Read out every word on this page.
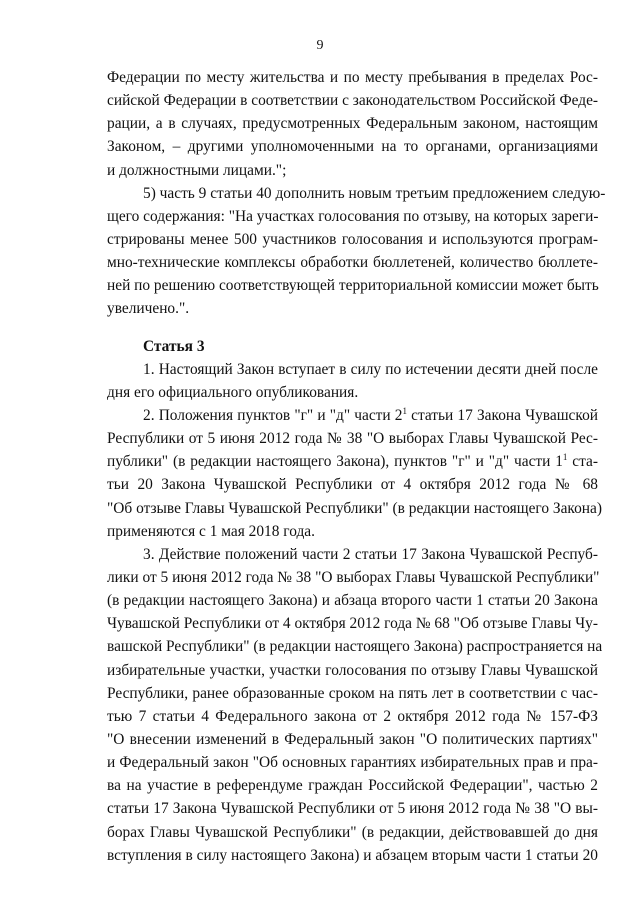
9
Федерации по месту жительства и по месту пребывания в пределах Рос-
сийской Федерации в соответствии с законодательством Российской Феде-
рации, а в случаях, предусмотренных Федеральным законом, настоящим
Законом, – другими уполномоченными на то органами, организациями
и должностными лицами.";
5) часть 9 статьи 40 дополнить новым третьим предложением следую-
щего содержания: "На участках голосования по отзыву, на которых зареги-
стрированы менее 500 участников голосования и используются програм-
мно-технические комплексы обработки бюллетеней, количество бюллете-
ней по решению соответствующей территориальной комиссии может быть
увеличено.".
Статья 3
1. Настоящий Закон вступает в силу по истечении десяти дней после
дня его официального опубликования.
2. Положения пунктов "г" и "д" части $2^1$ статьи 17 Закона Чувашской
Республики от 5 июня 2012 года № 38 "О выборах Главы Чувашской Рес-
публики" (в редакции настоящего Закона), пунктов "г" и "д" части $1^1$ ста-
тьи 20 Закона Чувашской Республики от 4 октября 2012 года № 68
"Об отзыве Главы Чувашской Республики" (в редакции настоящего Закона)
применяются с 1 мая 2018 года.
3. Действие положений части 2 статьи 17 Закона Чувашской Респуб-
лики от 5 июня 2012 года № 38 "О выборах Главы Чувашской Республики"
(в редакции настоящего Закона) и абзаца второго части 1 статьи 20 Закона
Чувашской Республики от 4 октября 2012 года № 68 "Об отзыве Главы Чу-
вашской Республики" (в редакции настоящего Закона) распространяется на
избирательные участки, участки голосования по отзыву Главы Чувашской
Республики, ранее образованные сроком на пять лет в соответствии с час-
тью 7 статьи 4 Федерального закона от 2 октября 2012 года № 157-ФЗ
"О внесении изменений в Федеральный закон "О политических партиях"
и Федеральный закон "Об основных гарантиях избирательных прав и пра-
ва на участие в референдуме граждан Российской Федерации", частью 2
статьи 17 Закона Чувашской Республики от 5 июня 2012 года № 38 "О вы-
борах Главы Чувашской Республики" (в редакции, действовавшей до дня
вступления в силу настоящего Закона) и абзацем вторым части 1 статьи 20
